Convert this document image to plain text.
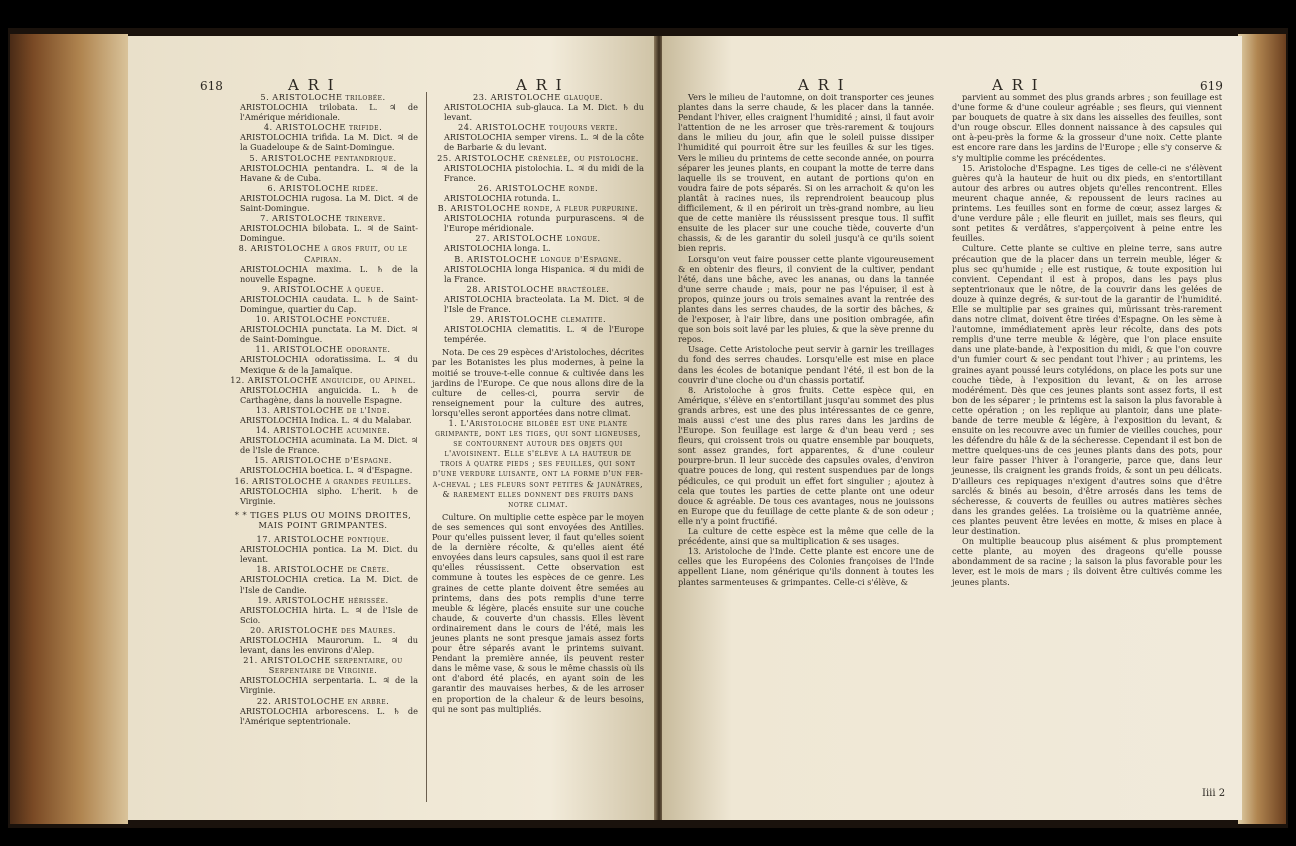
618	A R I	A R I

5. ARISTOLOCHE trilobée.

ARISTOLOCHIA trilobata. L. ♃ de l'Amérique méridionale.

4. ARISTOLOCHE trifide.

ARISTOLOCHIA trifida. La M. Dict. ♃ de la Guadeloupe & de Saint-Domingue.

5. ARISTOLOCHE pentandrique.

ARISTOLOCHIA pentandra. L. ♃ de la Havane & de Cuba.

6. ARISTOLOCHE ridée.

ARISTOLOCHIA rugosa. La M. Dict. ♃ de Saint-Domingue.

7. ARISTOLOCHE trinerve.

ARISTOLOCHIA bilobata. L. ♃ de Saint-Domingue.

8. ARISTOLOCHE à gros fruit, ou le Capiran.

ARISTOLOCHIA maxima. L. ♄ de la nouvelle Espagne.

9. ARISTOLOCHE à queue.

ARISTOLOCHIA caudata. L. ♄ de Saint-Domingue, quartier du Cap.

10. ARISTOLOCHE ponctuée.

ARISTOLOCHIA punctata. La M. Dict. ♃ de Saint-Domingue.

11. ARISTOLOCHE odorante.

ARISTOLOCHIA odoratissima. L. ♃ du Mexique & de la Jamaïque.

12. ARISTOLOCHE anguicide, ou Apinel.

ARISTOLOCHIA anguicida. L. ♄ de Carthagène, dans la nouvelle Espagne.

13. ARISTOLOCHE de l'Inde.

ARISTOLOCHIA Indica. L. ♃ du Malabar.

14. ARISTOLOCHE acuminée.

ARISTOLOCHIA acuminata. La M. Dict. ♃ de l'Isle de France.

15. ARISTOLOCHE d'Espagne.

ARISTOLOCHIA boetica. L. ♃ d'Espagne.

16. ARISTOLOCHE à grandes feuilles.

ARISTOLOCHIA sipho. L'herit. ♄ de Virginie.

* * TIGES PLUS OU MOINS DROITES, MAIS POINT GRIMPANTES.

17. ARISTOLOCHE pontique.

ARISTOLOCHIA pontica. La M. Dict. du levant.

18. ARISTOLOCHE de Crète.

ARISTOLOCHIA cretica. La M. Dict. de l'Isle de Candie.

19. ARISTOLOCHE hérissée.

ARISTOLOCHIA hirta. L. ♃ de l'Isle de Scio.

20. ARISTOLOCHE des Maures.

ARISTOLOCHIA Maurorum. L. ♃ du levant, dans les environs d'Alep.

21. ARISTOLOCHE serpentaire, ou Serpentaire de Virginie.

ARISTOLOCHIA serpentaria. L. ♃ de la Virginie.

22. ARISTOLOCHE en arbre.

ARISTOLOCHIA arborescens. L. ♄ de l'Amérique septentrionale.

23. ARISTOLOCHE glauque.

ARISTOLOCHIA sub-glauca. La M. Dict. ♄ du levant.

24. ARISTOLOCHE toujours verte.

ARISTOLOCHIA semper virens. L. ♃ de la côte de Barbarie & du levant.

25. ARISTOLOCHE crénelée, ou pistoloche.

ARISTOLOCHIA pistolochia. L. ♃ du midi de la France.

26. ARISTOLOCHE ronde.

ARISTOLOCHIA rotunda. L.

B. ARISTOLOCHE ronde, à fleur purpurine.

ARISTOLOCHIA rotunda purpurascens. ♃ de l'Europe méridionale.

27. ARISTOLOCHE longue.

ARISTOLOCHIA longa. L.

B. ARISTOLOCHE longue d'Espagne.

ARISTOLOCHIA longa Hispanica. ♃ du midi de la France.

28. ARISTOLOCHE bractéolée.

ARISTOLOCHIA bracteolata. La M. Dict. ♃ de l'Isle de France.

29. ARISTOLOCHE clematite.

ARISTOLOCHIA clematitis. L. ♃ de l'Europe tempérée.

Nota. De ces 29 espèces d'Aristoloches, décrites par les Botanistes les plus modernes, à peine la moitié se trouve-t-elle connue & cultivée dans les jardins de l'Europe. Ce que nous allons dire de la culture de celles-ci, pourra servir de renseignement pour la culture des autres, lorsqu'elles seront apportées dans notre climat.

1. L'Aristoloche bilobée est une plante grimpante, dont les tiges, qui sont ligneuses, se contournent autour des objets qui l'avoisinent. Elle s'élève à la hauteur de trois à quatre pieds ; ses feuilles, qui sont d'une verdure luisante, ont la forme d'un fer-à-cheval ; les fleurs sont petites & jaunâtres, & rarement elles donnent des fruits dans notre climat.

Culture. On multiplie cette espèce par le moyen de ses semences qui sont envoyées des Antilles. Pour qu'elles puissent lever, il faut qu'elles soient de la dernière récolte, & qu'elles aient été envoyées dans leurs capsules, sans quoi il est rare qu'elles réussissent. Cette observation est commune à toutes les espèces de ce genre. Les graines de cette plante doivent être semées au printems, dans des pots remplis d'une terre meuble & légère, placés ensuite sur une couche chaude, & couverte d'un chassis. Elles lèvent ordinairement dans le cours de l'été, mais les jeunes plants ne sont presque jamais assez forts pour être séparés avant le printems suivant. Pendant la première année, ils peuvent rester dans le même vase, & sous le même chassis où ils ont d'abord été placés, en ayant soin de les garantir des mauvaises herbes, & de les arroser en proportion de la chaleur & de leurs besoins, qui ne sont pas multipliés.

A R I	A R I	619

Vers le milieu de l'automne, on doit transporter ces jeunes plantes dans la serre chaude, & les placer dans la tannée. Pendant l'hiver, elles craignent l'humidité ; ainsi, il faut avoir l'attention de ne les arroser que très-rarement & toujours dans le milieu du jour, afin que le soleil puisse dissiper l'humidité qui pourroit être sur les feuilles & sur les tiges. Vers le milieu du printems de cette seconde année, on pourra séparer les jeunes plants, en coupant la motte de terre dans laquelle ils se trouvent, en autant de portions qu'on en voudra faire de pots séparés. Si on les arrachoit & qu'on les plantât à racines nues, ils reprendroient beaucoup plus difficilement, & il en périroit un très-grand nombre, au lieu que de cette manière ils réussissent presque tous. Il suffit ensuite de les placer sur une couche tiède, couverte d'un chassis, & de les garantir du soleil jusqu'à ce qu'ils soient bien repris.

Lorsqu'on veut faire pousser cette plante vigoureusement & en obtenir des fleurs, il convient de la cultiver, pendant l'été, dans une bâche, avec les ananas, ou dans la tannée d'une serre chaude ; mais, pour ne pas l'épuiser, il est à propos, quinze jours ou trois semaines avant la rentrée des plantes dans les serres chaudes, de la sortir des bâches, & de l'exposer, à l'air libre, dans une position ombragée, afin que son bois soit lavé par les pluies, & que la sève prenne du repos.

Usage. Cette Aristoloche peut servir à garnir les treillages du fond des serres chaudes. Lorsqu'elle est mise en place dans les écoles de botanique pendant l'été, il est bon de la couvrir d'une cloche ou d'un chassis portatif.

8. Aristoloche à gros fruits. Cette espèce qui, en Amérique, s'élève en s'entortillant jusqu'au sommet des plus grands arbres, est une des plus intéressantes de ce genre, mais aussi c'est une des plus rares dans les jardins de l'Europe. Son feuillage est large & d'un beau verd ; ses fleurs, qui croissent trois ou quatre ensemble par bouquets, sont assez grandes, fort apparentes, & d'une couleur pourpre-brun. Il leur succède des capsules ovales, d'environ quatre pouces de long, qui restent suspendues par de longs pédicules, ce qui produit un effet fort singulier ; ajoutez à cela que toutes les parties de cette plante ont une odeur douce & agréable. De tous ces avantages, nous ne jouissons en Europe que du feuillage de cette plante & de son odeur ; elle n'y a point fructifié.

La culture de cette espèce est la même que celle de la précédente, ainsi que sa multiplication & ses usages.

13. Aristoloche de l'Inde. Cette plante est encore une de celles que les Européens des Colonies françoises de l'Inde appellent Liane, nom générique qu'ils donnent à toutes les plantes sarmenteuses & grimpantes. Celle-ci s'élève, &

parvient au sommet des plus grands arbres ; son feuillage est d'une forme & d'une couleur agréable ; ses fleurs, qui viennent par bouquets de quatre à six dans les aisselles des feuilles, sont d'un rouge obscur. Elles donnent naissance à des capsules qui ont à-peu-près la forme & la grosseur d'une noix. Cette plante est encore rare dans les jardins de l'Europe ; elle s'y conserve & s'y multiplie comme les précédentes.

15. Aristoloche d'Espagne. Les tiges de celle-ci ne s'élèvent guères qu'à la hauteur de huit ou dix pieds, en s'entortillant autour des arbres ou autres objets qu'elles rencontrent. Elles meurent chaque année, & repoussent de leurs racines au printems. Les feuilles sont en forme de cœur, assez larges & d'une verdure pâle ; elle fleurit en juillet, mais ses fleurs, qui sont petites & verdâtres, s'apperçoivent à peine entre les feuilles.

Culture. Cette plante se cultive en pleine terre, sans autre précaution que de la placer dans un terrein meuble, léger & plus sec qu'humide ; elle est rustique, & toute exposition lui convient. Cependant il est à propos, dans les pays plus septentrionaux que le nôtre, de la couvrir dans les gelées de douze à quinze degrés, & sur-tout de la garantir de l'humidité. Elle se multiplie par ses graines qui, mûrissant très-rarement dans notre climat, doivent être tirées d'Espagne. On les sème à l'automne, immédiatement après leur récolte, dans des pots remplis d'une terre meuble & légère, que l'on place ensuite dans une plate-bande, à l'exposition du midi, & que l'on couvre d'un fumier court & sec pendant tout l'hiver ; au printems, les graines ayant poussé leurs cotylédons, on place les pots sur une couche tiède, à l'exposition du levant, & on les arrose modérément. Dès que ces jeunes plants sont assez forts, il est bon de les séparer ; le printems est la saison la plus favorable à cette opération ; on les replique au plantoir, dans une plate-bande de terre meuble & légère, à l'exposition du levant, & ensuite on les recouvre avec un fumier de vieilles couches, pour les défendre du hâle & de la sécheresse. Cependant il est bon de mettre quelques-uns de ces jeunes plants dans des pots, pour leur faire passer l'hiver à l'orangerie, parce que, dans leur jeunesse, ils craignent les grands froids, & sont un peu délicats. D'ailleurs ces repiquages n'exigent d'autres soins que d'être sarclés & binés au besoin, d'être arrosés dans les tems de sécheresse, & couverts de feuilles ou autres matières sèches dans les grandes gelées. La troisième ou la quatrième année, ces plantes peuvent être levées en motte, & mises en place à leur destination.

On multiplie beaucoup plus aisément & plus promptement cette plante, au moyen des drageons qu'elle pousse abondamment de sa racine ; la saison la plus favorable pour les lever, est le mois de mars ; ils doivent être cultivés comme les jeunes plants.

Iiii 2
